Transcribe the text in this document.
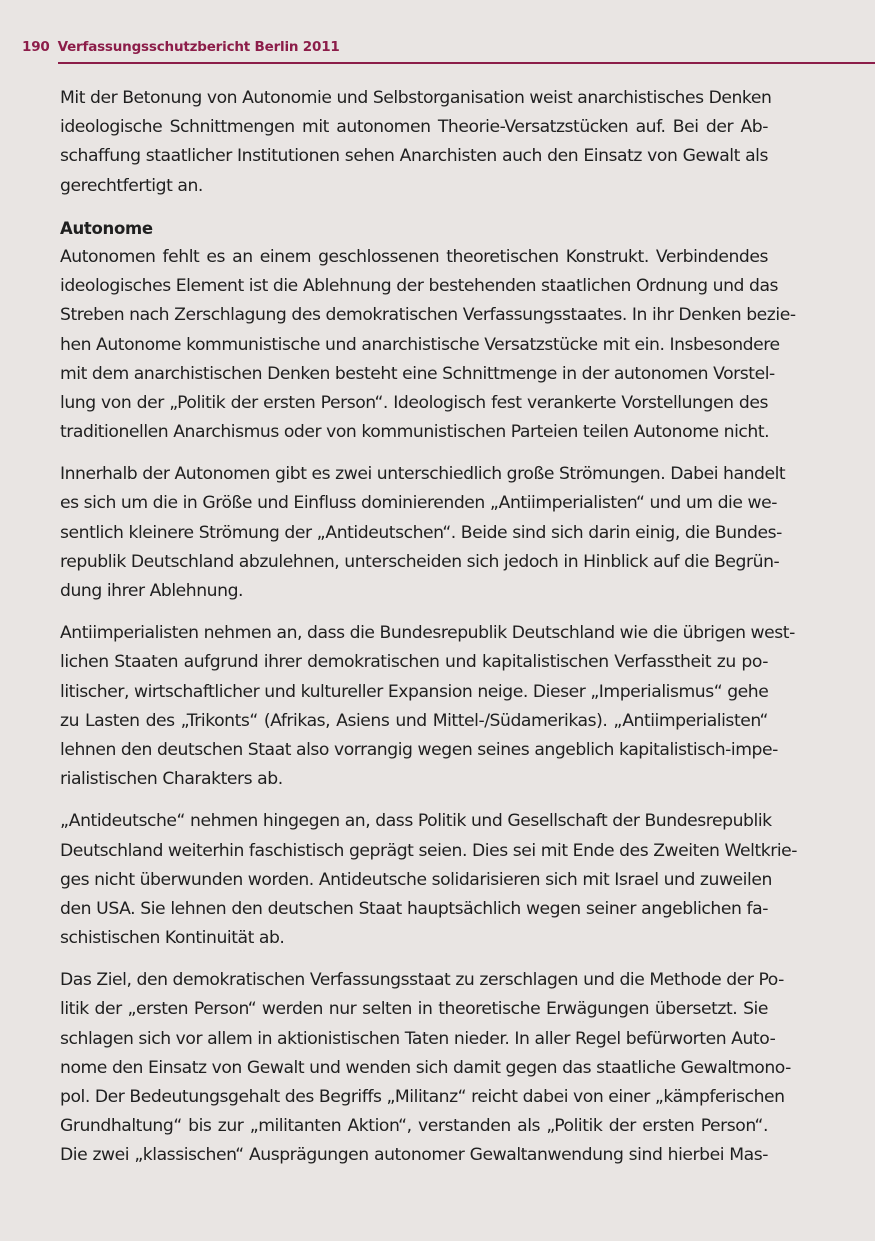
190 Verfassungsschutzbericht Berlin 2011
Mit der Betonung von Autonomie und Selbstorganisation weist anarchistisches Denken
ideologische Schnittmengen mit autonomen Theorie-Versatzstücken auf. Bei der Ab-
schaffung staatlicher Institutionen sehen Anarchisten auch den Einsatz von Gewalt als
gerechtfertigt an.
Autonome
Autonomen fehlt es an einem geschlossenen theoretischen Konstrukt. Verbindendes
ideologisches Element ist die Ablehnung der bestehenden staatlichen Ordnung und das
Streben nach Zerschlagung des demokratischen Verfassungsstaates. In ihr Denken bezie-
hen Autonome kommunistische und anarchistische Versatzstücke mit ein. Insbesondere
mit dem anarchistischen Denken besteht eine Schnittmenge in der autonomen Vorstel-
lung von der „Politik der ersten Person“. Ideologisch fest verankerte Vorstellungen des
traditionellen Anarchismus oder von kommunistischen Parteien teilen Autonome nicht.
Innerhalb der Autonomen gibt es zwei unterschiedlich große Strömungen. Dabei handelt
es sich um die in Größe und Einfluss dominierenden „Antiimperialisten“ und um die we-
sentlich kleinere Strömung der „Antideutschen“. Beide sind sich darin einig, die Bundes-
republik Deutschland abzulehnen, unterscheiden sich jedoch in Hinblick auf die Begrün-
dung ihrer Ablehnung.
Antiimperialisten nehmen an, dass die Bundesrepublik Deutschland wie die übrigen west-
lichen Staaten aufgrund ihrer demokratischen und kapitalistischen Verfasstheit zu po-
litischer, wirtschaftlicher und kultureller Expansion neige. Dieser „Imperialismus“ gehe
zu Lasten des „Trikonts“ (Afrikas, Asiens und Mittel-/Südamerikas). „Antiimperialisten“
lehnen den deutschen Staat also vorrangig wegen seines angeblich kapitalistisch-impe-
rialistischen Charakters ab.
„Antideutsche“ nehmen hingegen an, dass Politik und Gesellschaft der Bundesrepublik
Deutschland weiterhin faschistisch geprägt seien. Dies sei mit Ende des Zweiten Weltkrie-
ges nicht überwunden worden. Antideutsche solidarisieren sich mit Israel und zuweilen
den USA. Sie lehnen den deutschen Staat hauptsächlich wegen seiner angeblichen fa-
schistischen Kontinuität ab.
Das Ziel, den demokratischen Verfassungsstaat zu zerschlagen und die Methode der Po-
litik der „ersten Person“ werden nur selten in theoretische Erwägungen übersetzt. Sie
schlagen sich vor allem in aktionistischen Taten nieder. In aller Regel befürworten Auto-
nome den Einsatz von Gewalt und wenden sich damit gegen das staatliche Gewaltmono-
pol. Der Bedeutungsgehalt des Begriffs „Militanz“ reicht dabei von einer „kämpferischen
Grundhaltung“ bis zur „militanten Aktion“, verstanden als „Politik der ersten Person“.
Die zwei „klassischen“ Ausprägungen autonomer Gewaltanwendung sind hierbei Mas-
